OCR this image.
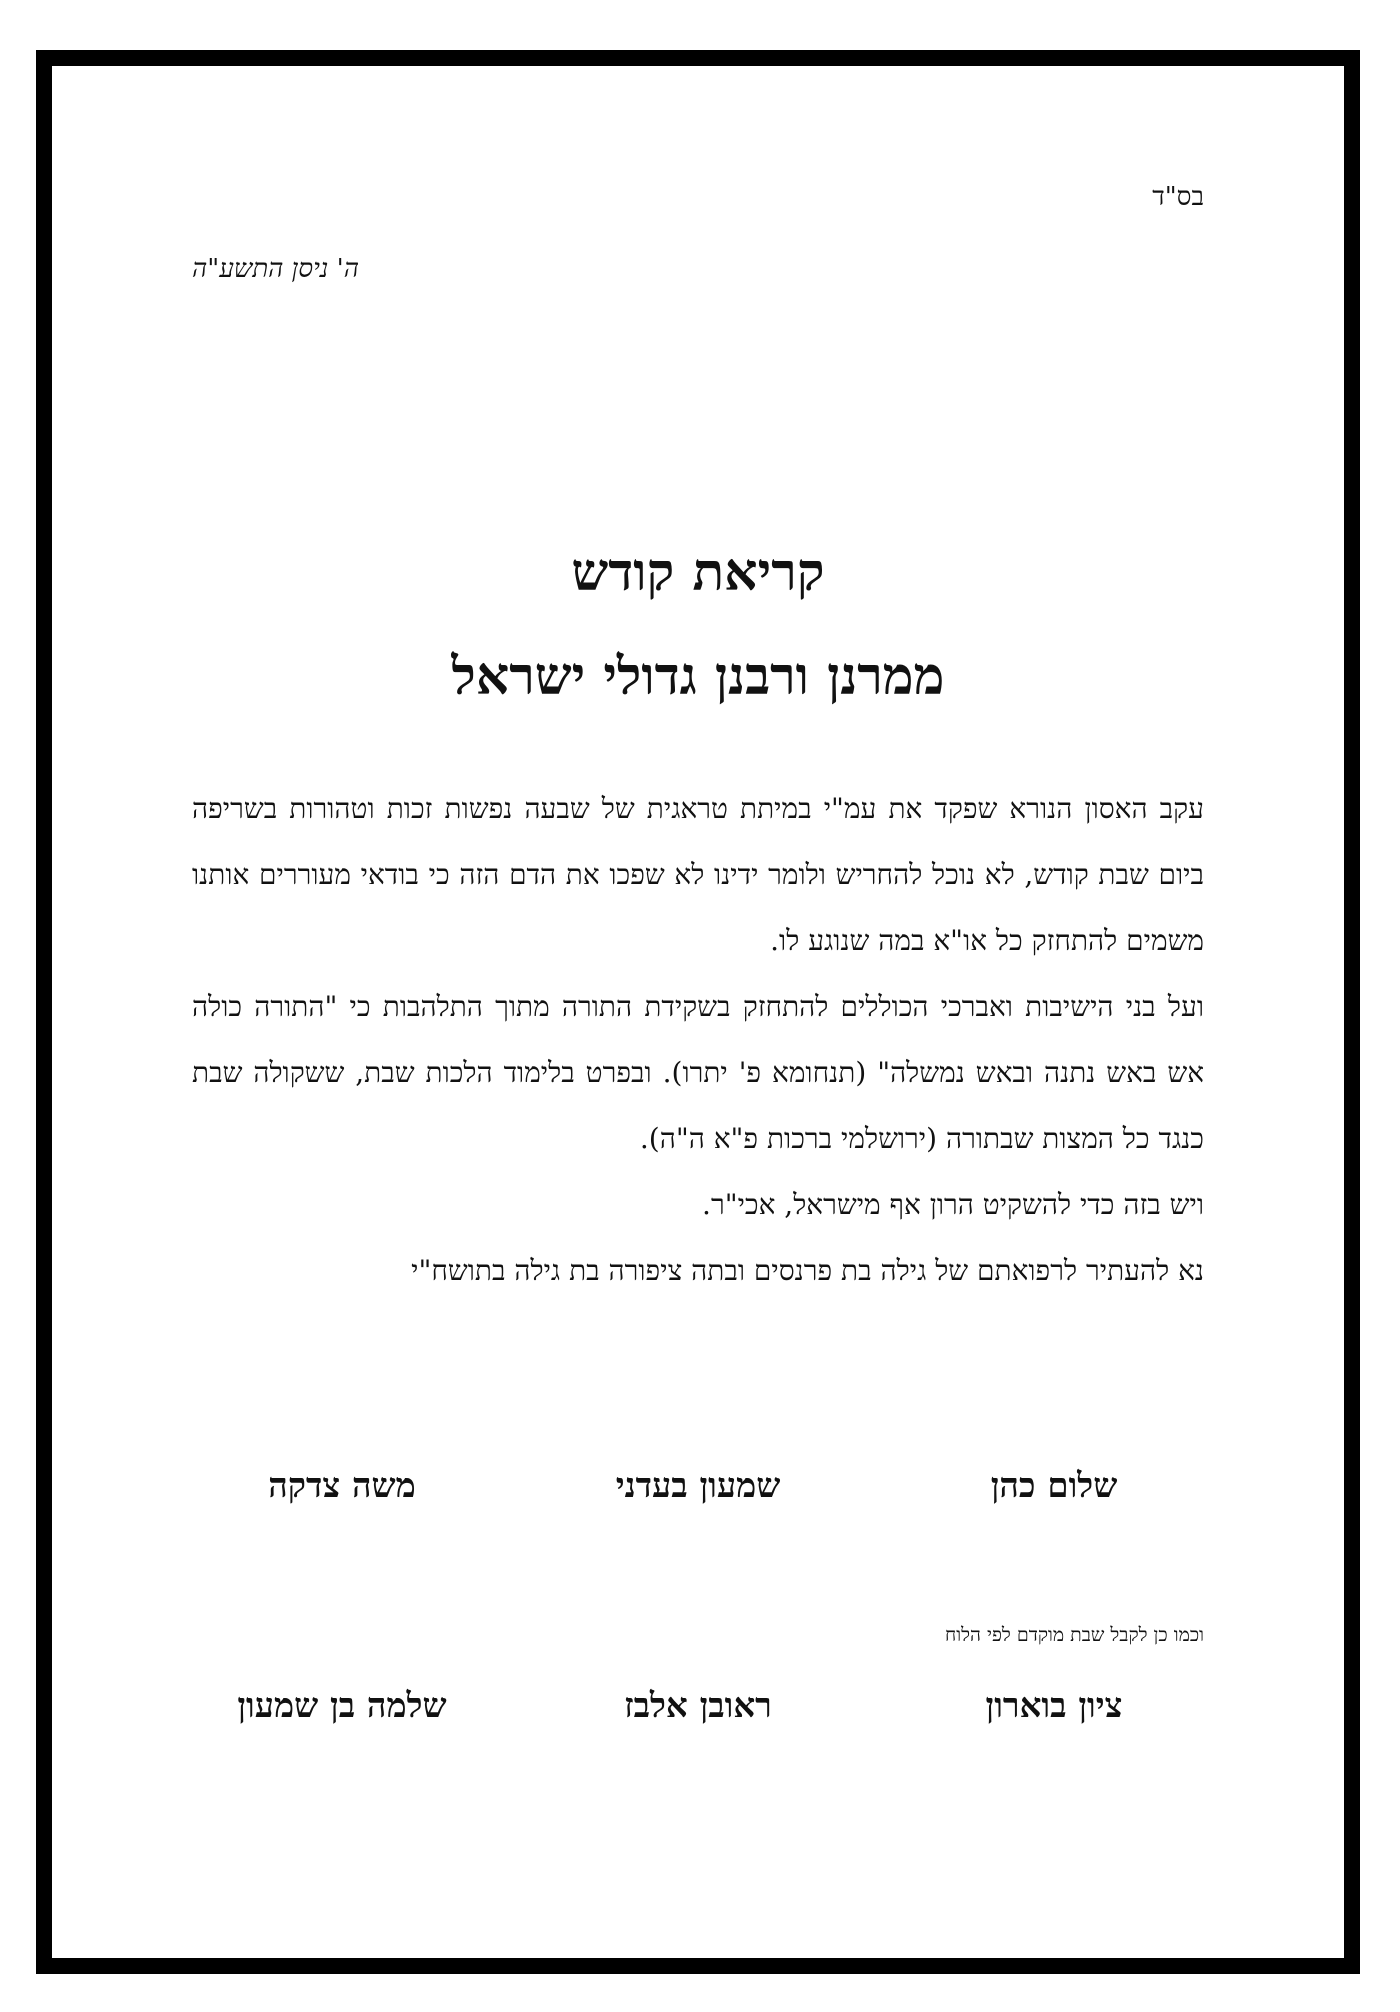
בס"ד
ה' ניסן התשע"ה
קריאת קודש
ממרנן ורבנן גדולי ישראל

עקב האסון הנורא שפקד את עמ"י במיתת טראגית של שבעה נפשות זכות וטהורות בשריפה ביום שבת קודש, לא נוכל להחריש ולומר ידינו לא שפכו את הדם הזה כי בודאי מעוררים אותנו משמים להתחזק כל או"א במה שנוגע לו.

ועל בני הישיבות ואברכי הכוללים להתחזק בשקידת התורה מתוך התלהבות כי "התורה כולה אש באש נתנה ובאש נמשלה" (תנחומא פ' יתרו). ובפרט בלימוד הלכות שבת, ששקולה שבת כנגד כל המצות שבתורה (ירושלמי ברכות פ"א ה"ה).

ויש בזה כדי להשקיט הרון אף מישראל, אכי"ר.

נא להעתיר לרפואתם של גילה בת פרנסים ובתה ציפורה בת גילה בתושח"י

שלום כהן
שמעון בעדני
משה צדקה
וכמו כן לקבל שבת מוקדם לפי הלוח
ציון בוארון
ראובן אלבז
שלמה בן שמעון
